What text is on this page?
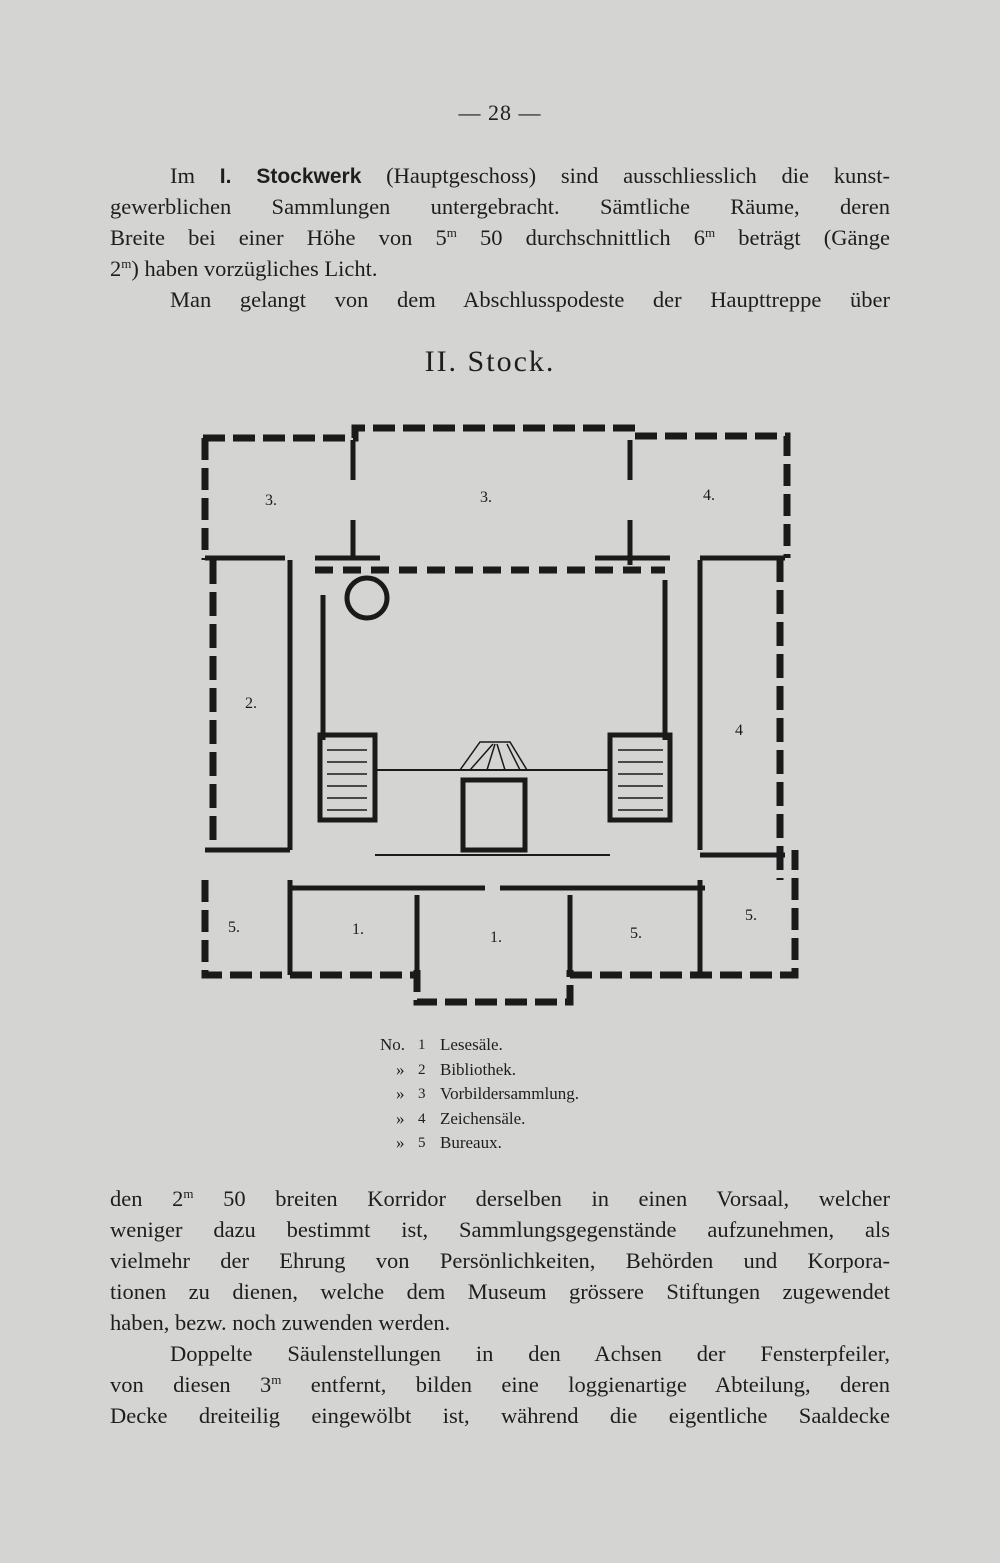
— 28 —
Im I. Stockwerk (Hauptgeschoss) sind ausschliesslich die kunst-
gewerblichen Sammlungen untergebracht. Sämtliche Räume, deren
Breite bei einer Höhe von 5$^m$ 50 durchschnittlich 6$^m$ beträgt (Gänge
2$^m$) haben vorzügliches Licht.
Man gelangt von dem Abschlusspodeste der Haupttreppe über
II. Stock.
3.	3.	4.
2.
4
5.	1.	1.	5.
5.
No. 1 Lesesäle.
» 2 Bibliothek.
» 3 Vorbildersammlung.
» 4 Zeichensäle.
» 5 Bureaux.
den 2$^m$ 50 breiten Korridor derselben in einen Vorsaal, welcher
weniger dazu bestimmt ist, Sammlungsgegenstände aufzunehmen, als
vielmehr der Ehrung von Persönlichkeiten, Behörden und Korpora-
tionen zu dienen, welche dem Museum grössere Stiftungen zugewendet
haben, bezw. noch zuwenden werden.
Doppelte Säulenstellungen in den Achsen der Fensterpfeiler,
von diesen 3$^m$ entfernt, bilden eine loggienartige Abteilung, deren
Decke dreiteilig eingewölbt ist, während die eigentliche Saaldecke
